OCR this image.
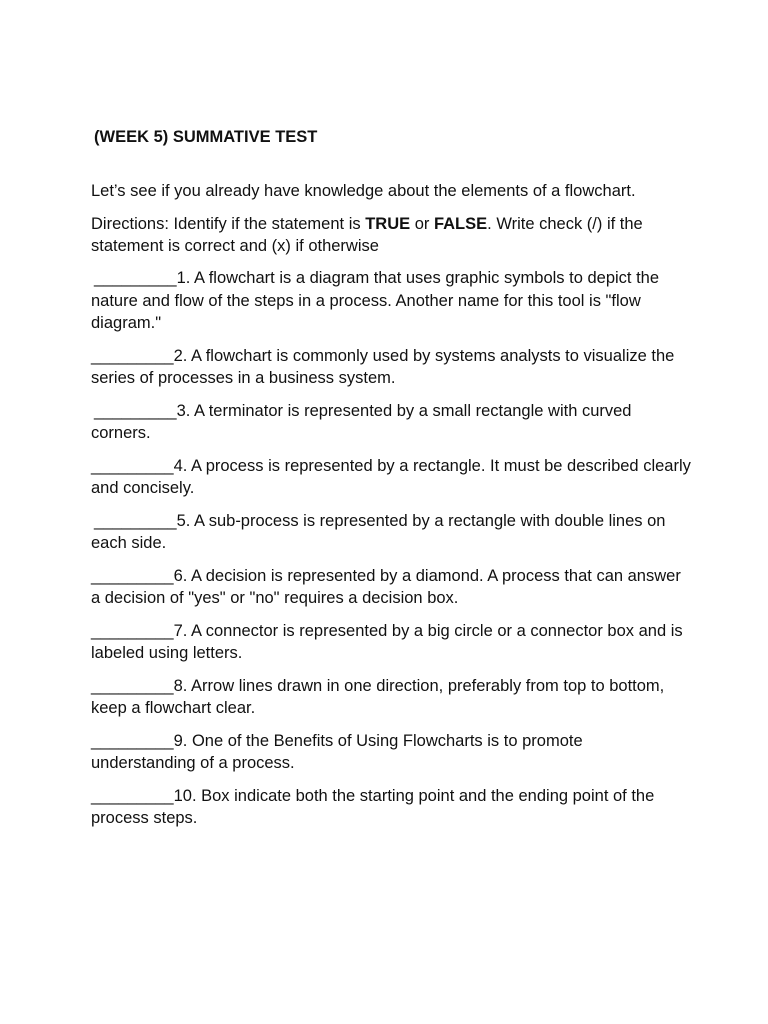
(WEEK 5) SUMMATIVE TEST
Let’s see if you already have knowledge about the elements of a flowchart.
Directions: Identify if the statement is TRUE or FALSE. Write check (/) if the statement is correct and (x) if otherwise
_________1. A flowchart is a diagram that uses graphic symbols to depict the nature and flow of the steps in a process. Another name for this tool is "flow diagram."
_________2. A flowchart is commonly used by systems analysts to visualize the series of processes in a business system.
_________3. A terminator is represented by a small rectangle with curved corners.
_________4. A process is represented by a rectangle. It must be described clearly and concisely.
_________5. A sub-process is represented by a rectangle with double lines on each side.
_________6. A decision is represented by a diamond. A process that can answer a decision of "yes" or "no" requires a decision box.
_________7. A connector is represented by a big circle or a connector box and is labeled using letters.
_________8. Arrow lines drawn in one direction, preferably from top to bottom, keep a flowchart clear.
_________9. One of the Benefits of Using Flowcharts is to promote understanding of a process.
_________10. Box indicate both the starting point and the ending point of the process steps.
